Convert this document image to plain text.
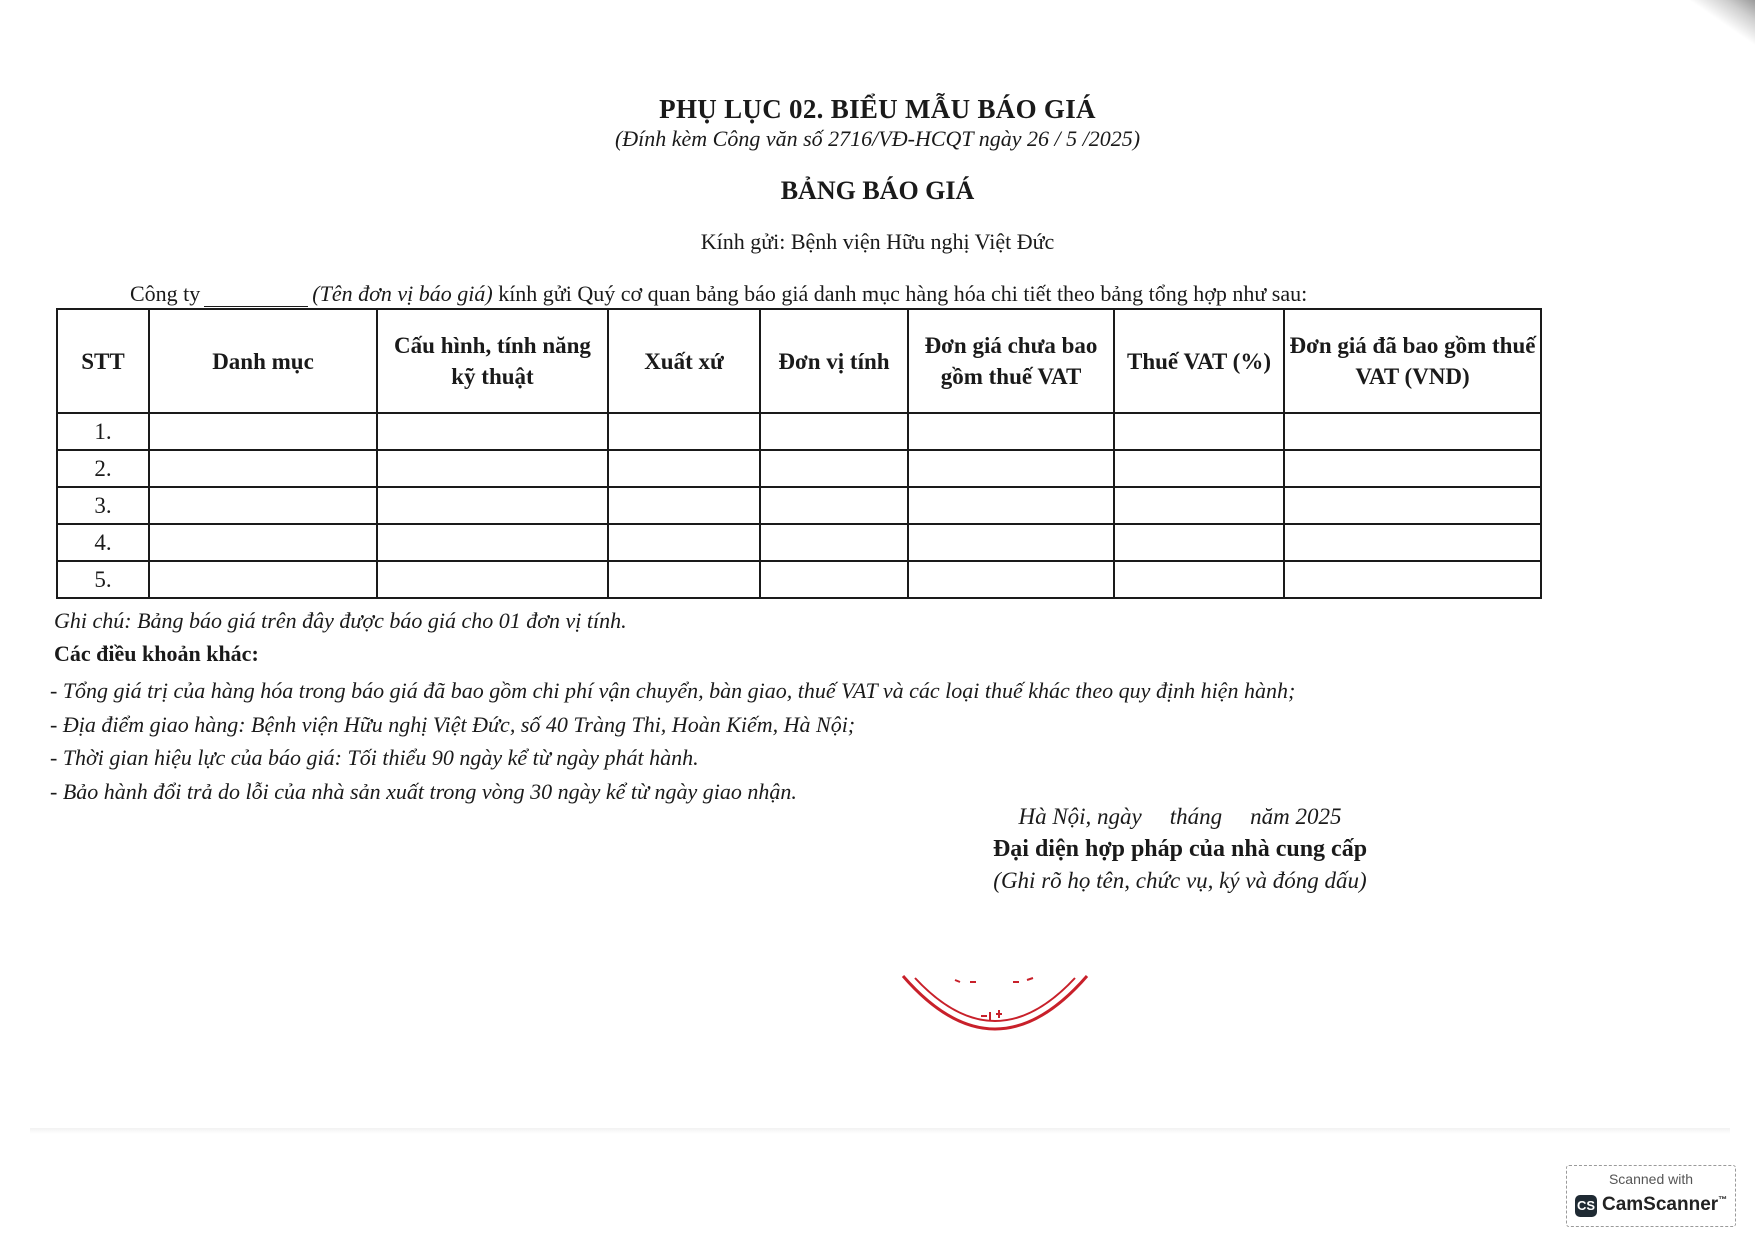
PHỤ LỤC 02. BIỂU MẪU BÁO GIÁ
(Đính kèm Công văn số 2716/VĐ-HCQT ngày 26 / 5 /2025)
BẢNG BÁO GIÁ
Kính gửi: Bệnh viện Hữu nghị Việt Đức
Công ty	(Tên đơn vị báo giá) kính gửi Quý cơ quan bảng báo giá danh mục hàng hóa chi tiết theo bảng tổng hợp như sau:
STT	Danh mục	Cấu hình, tính năng kỹ thuật	Xuất xứ	Đơn vị tính	Đơn giá chưa bao gồm thuế VAT	Thuế VAT (%)	Đơn giá đã bao gồm thuế VAT (VND)
1.							
2.							
3.							
4.							
5.							
Ghi chú: Bảng báo giá trên đây được báo giá cho 01 đơn vị tính.
Các điều khoản khác:
- Tổng giá trị của hàng hóa trong báo giá đã bao gồm chi phí vận chuyển, bàn giao, thuế VAT và các loại thuế khác theo quy định hiện hành;
- Địa điểm giao hàng: Bệnh viện Hữu nghị Việt Đức, số 40 Tràng Thi, Hoàn Kiếm, Hà Nội;
- Thời gian hiệu lực của báo giá: Tối thiểu 90 ngày kể từ ngày phát hành.
- Bảo hành đổi trả do lỗi của nhà sản xuất trong vòng 30 ngày kể từ ngày giao nhận.
Hà Nội, ngày tháng năm 2025
Đại diện hợp pháp của nhà cung cấp
(Ghi rõ họ tên, chức vụ, ký và đóng dấu)
Scanned with
CS CamScanner™
